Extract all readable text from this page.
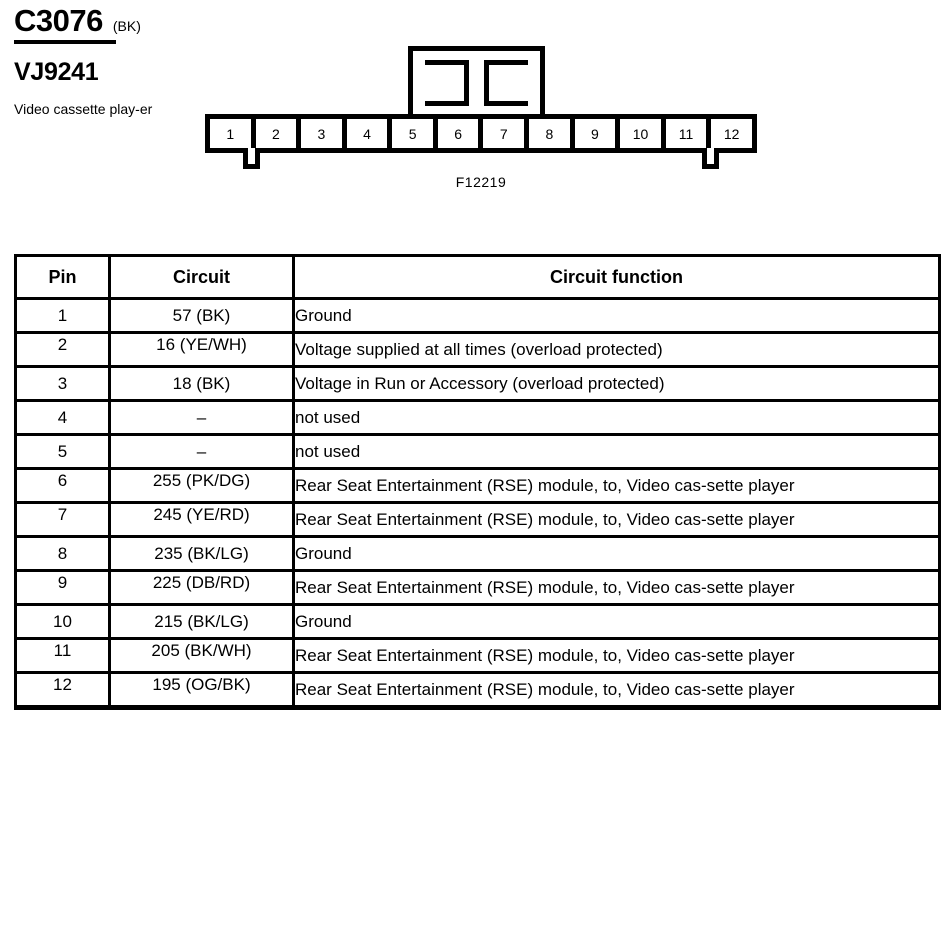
C3076 (BK)
VJ9241
Video cassette play-er
1	2	3	4	5	6	7	8	9	10	11	12
F12219
Pin	Circuit	Circuit function
1	57 (BK)	Ground
2	16 (YE/WH)	Voltage supplied at all times (overload protected)
3	18 (BK)	Voltage in Run or Accessory (overload protected)
4	–	not used
5	–	not used
6	255 (PK/DG)	Rear Seat Entertainment (RSE) module, to, Video cas-sette player
7	245 (YE/RD)	Rear Seat Entertainment (RSE) module, to, Video cas-sette player
8	235 (BK/LG)	Ground
9	225 (DB/RD)	Rear Seat Entertainment (RSE) module, to, Video cas-sette player
10	215 (BK/LG)	Ground
11	205 (BK/WH)	Rear Seat Entertainment (RSE) module, to, Video cas-sette player
12	195 (OG/BK)	Rear Seat Entertainment (RSE) module, to, Video cas-sette player
